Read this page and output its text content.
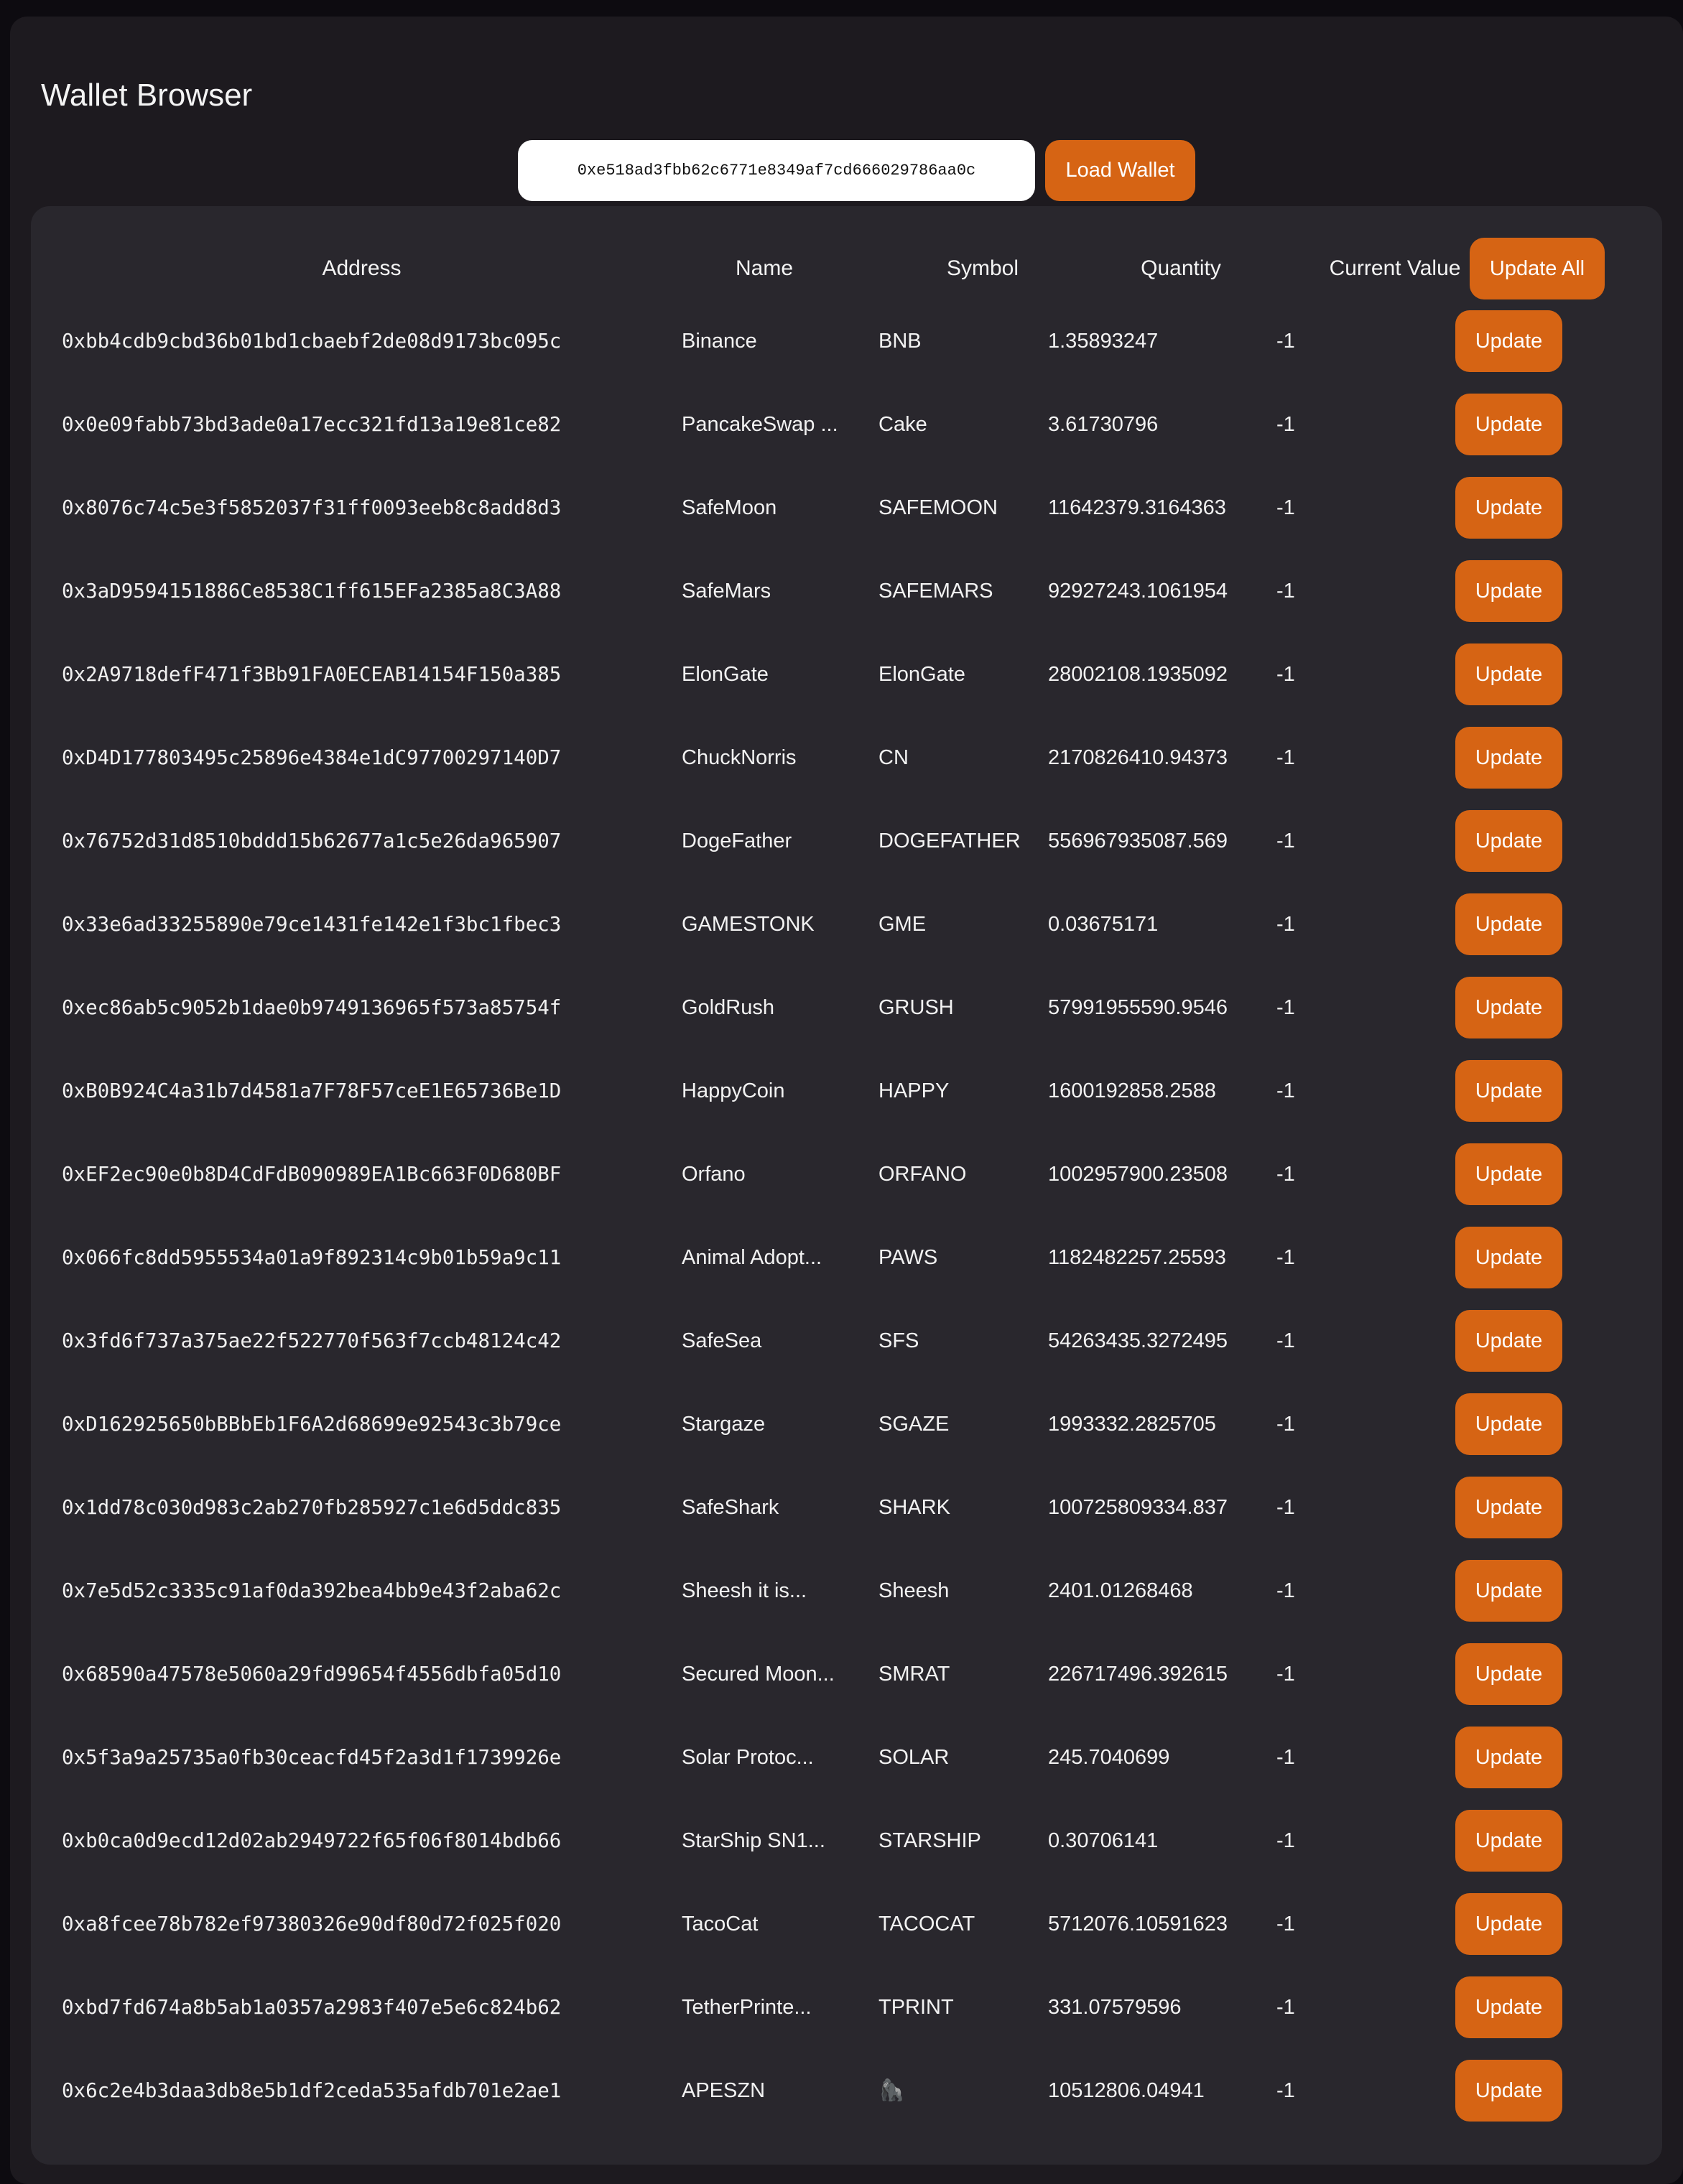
Wallet Browser
0xe518ad3fbb62c6771e8349af7cd666029786aa0c
Load Wallet
Address	Name	Symbol	Quantity	Current Value	Update All
0xbb4cdb9cbd36b01bd1cbaebf2de08d9173bc095c	Binance	BNB	1.35893247	-1	Update
0x0e09fabb73bd3ade0a17ecc321fd13a19e81ce82	PancakeSwap ...	Cake	3.61730796	-1	Update
0x8076c74c5e3f5852037f31ff0093eeb8c8add8d3	SafeMoon	SAFEMOON	11642379.3164363	-1	Update
0x3aD9594151886Ce8538C1ff615EFa2385a8C3A88	SafeMars	SAFEMARS	92927243.1061954	-1	Update
0x2A9718defF471f3Bb91FA0ECEAB14154F150a385	ElonGate	ElonGate	28002108.1935092	-1	Update
0xD4D177803495c25896e4384e1dC97700297140D7	ChuckNorris	CN	2170826410.94373	-1	Update
0x76752d31d8510bddd15b62677a1c5e26da965907	DogeFather	DOGEFATHER	556967935087.569	-1	Update
0x33e6ad33255890e79ce1431fe142e1f3bc1fbec3	GAMESTONK	GME	0.03675171	-1	Update
0xec86ab5c9052b1dae0b9749136965f573a85754f	GoldRush	GRUSH	57991955590.9546	-1	Update
0xB0B924C4a31b7d4581a7F78F57ceE1E65736Be1D	HappyCoin	HAPPY	1600192858.2588	-1	Update
0xEF2ec90e0b8D4CdFdB090989EA1Bc663F0D680BF	Orfano	ORFANO	1002957900.23508	-1	Update
0x066fc8dd5955534a01a9f892314c9b01b59a9c11	Animal Adopt...	PAWS	1182482257.25593	-1	Update
0x3fd6f737a375ae22f522770f563f7ccb48124c42	SafeSea	SFS	54263435.3272495	-1	Update
0xD162925650bBBbEb1F6A2d68699e92543c3b79ce	Stargaze	SGAZE	1993332.2825705	-1	Update
0x1dd78c030d983c2ab270fb285927c1e6d5ddc835	SafeShark	SHARK	100725809334.837	-1	Update
0x7e5d52c3335c91af0da392bea4bb9e43f2aba62c	Sheesh it is...	Sheesh	2401.01268468	-1	Update
0x68590a47578e5060a29fd99654f4556dbfa05d10	Secured Moon...	SMRAT	226717496.392615	-1	Update
0x5f3a9a25735a0fb30ceacfd45f2a3d1f1739926e	Solar Protoc...	SOLAR	245.7040699	-1	Update
0xb0ca0d9ecd12d02ab2949722f65f06f8014bdb66	StarShip SN1...	STARSHIP	0.30706141	-1	Update
0xa8fcee78b782ef97380326e90df80d72f025f020	TacoCat	TACOCAT	5712076.10591623	-1	Update
0xbd7fd674a8b5ab1a0357a2983f407e5e6c824b62	TetherPrinte...	TPRINT	331.07579596	-1	Update
0x6c2e4b3daa3db8e5b1df2ceda535afdb701e2ae1	APESZN	🦍	10512806.04941	-1	Update
